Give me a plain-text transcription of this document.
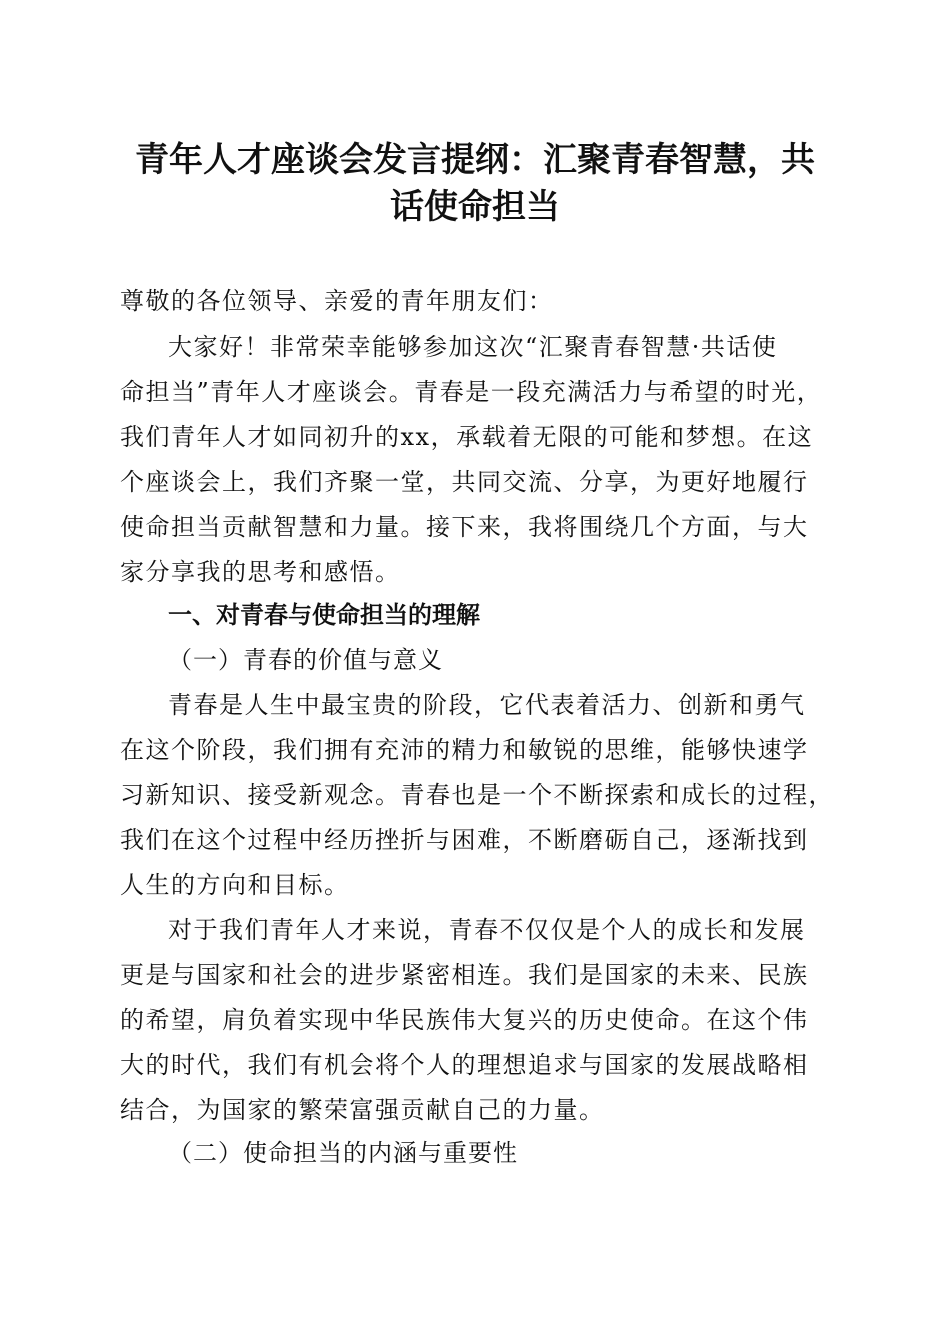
青年人才座谈会发言提纲：汇聚青春智慧，共
话使命担当
尊敬的各位领导、亲爱的青年朋友们：
大家好！非常荣幸能够参加这次“汇聚青春智慧·共话使
命担当”青年人才座谈会。青春是一段充满活力与希望的时光，
我们青年人才如同初升的xx，承载着无限的可能和梦想。在这
个座谈会上，我们齐聚一堂，共同交流、分享，为更好地履行
使命担当贡献智慧和力量。接下来，我将围绕几个方面，与大
家分享我的思考和感悟。
一、对青春与使命担当的理解
（一）青春的价值与意义
青春是人生中最宝贵的阶段，它代表着活力、创新和勇气
在这个阶段，我们拥有充沛的精力和敏锐的思维，能够快速学
习新知识、接受新观念。青春也是一个不断探索和成长的过程，
我们在这个过程中经历挫折与困难，不断磨砺自己，逐渐找到
人生的方向和目标。
对于我们青年人才来说，青春不仅仅是个人的成长和发展
更是与国家和社会的进步紧密相连。我们是国家的未来、民族
的希望，肩负着实现中华民族伟大复兴的历史使命。在这个伟
大的时代，我们有机会将个人的理想追求与国家的发展战略相
结合，为国家的繁荣富强贡献自己的力量。
（二）使命担当的内涵与重要性
